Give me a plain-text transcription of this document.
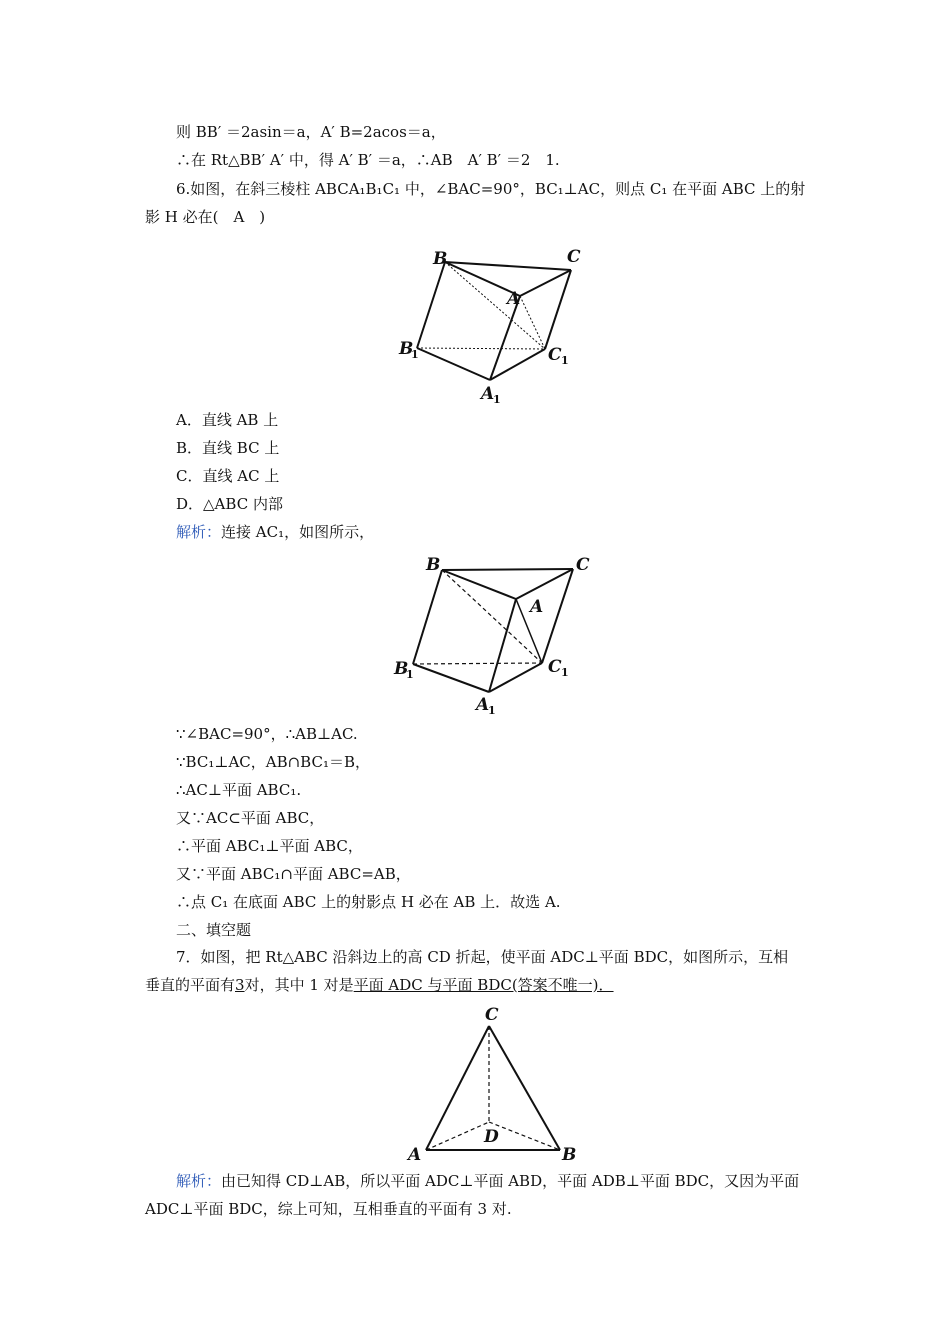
则 BB′ ＝2asin＝a，A′ B=2acos＝a，
∴在 Rt△BB′ A′ 中，得 A′ B′ ＝a，∴AB　A′ B′ ＝2　1.
6.如图，在斜三棱柱 ABCA₁B₁C₁ 中，∠BAC=90°，BC₁⊥AC，则点 C₁ 在平面 ABC 上的射
影 H 必在(　A　)
B	C
A
B
1	C 1
A
1
A．直线 AB 上
B．直线 BC 上
C．直线 AC 上
D．△ABC 内部
解析：连接 AC₁，如图所示，
B	C
A
B
1	C 1
A
1
∵∠BAC=90°，∴AB⊥AC.
∵BC₁⊥AC，AB∩BC₁＝B，
∴AC⊥平面 ABC₁.
又∵AC⊂平面 ABC，
∴平面 ABC₁⊥平面 ABC，
又∵平面 ABC₁∩平面 ABC=AB，
∴点 C₁ 在底面 ABC 上的射影点 H 必在 AB 上．故选 A.
二、填空题
7．如图，把 Rt△ABC 沿斜边上的高 CD 折起，使平面 ADC⊥平面 BDC，如图所示，互相
垂直的平面有3对，其中 1 对是平面 ADC 与平面 BDC(答案不唯一)．
C
D
A	B
解析：由已知得 CD⊥AB，所以平面 ADC⊥平面 ABD，平面 ADB⊥平面 BDC，又因为平面
ADC⊥平面 BDC，综上可知，互相垂直的平面有 3 对.
